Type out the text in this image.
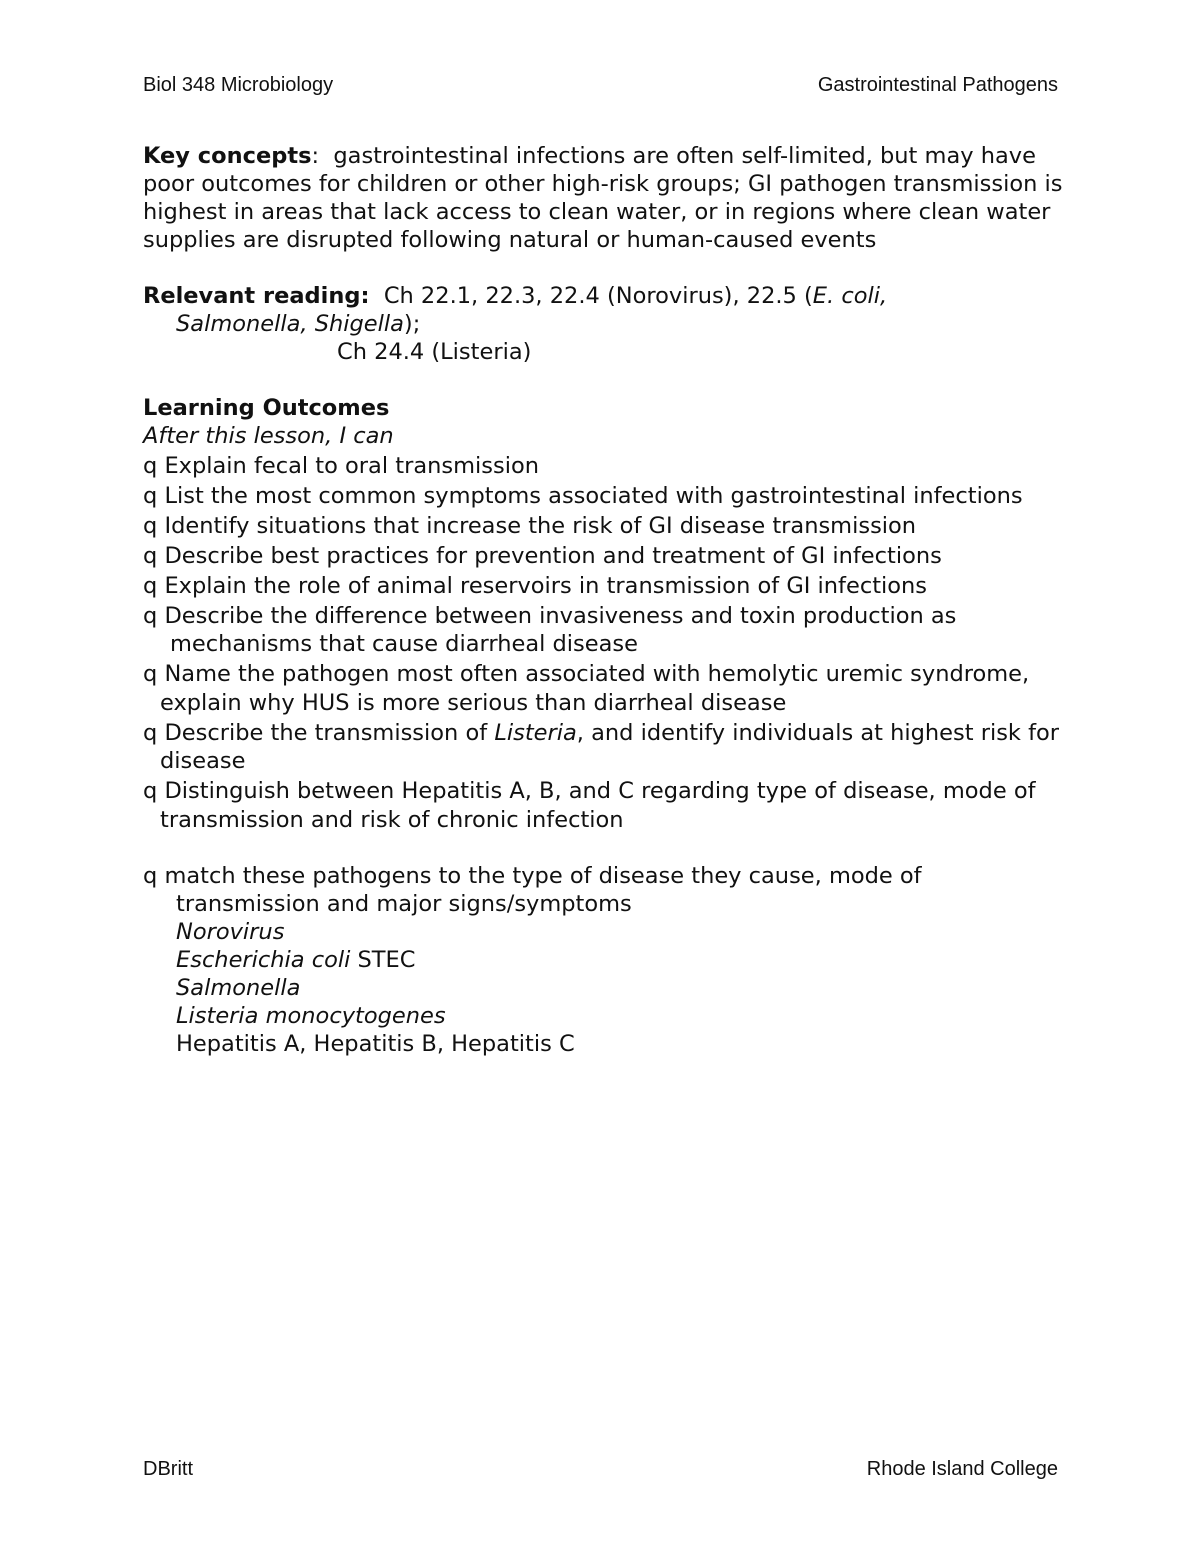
Biol 348 Microbiology	Gastrointestinal Pathogens

Key concepts: gastrointestinal infections are often self-limited, but may have poor outcomes for children or other high-risk groups; GI pathogen transmission is highest in areas that lack access to clean water, or in regions where clean water supplies are disrupted following natural or human-caused events

Relevant reading: Ch 22.1, 22.3, 22.4 (Norovirus), 22.5 (E. coli,
Salmonella, Shigella);
Ch 24.4 (Listeria)
Learning Outcomes
After this lesson, I can
q Explain fecal to oral transmission
q List the most common symptoms associated with gastrointestinal infections
q Identify situations that increase the risk of GI disease transmission
q Describe best practices for prevention and treatment of GI infections
q Explain the role of animal reservoirs in transmission of GI infections
q Describe the difference between invasiveness and toxin production as mechanisms that cause diarrheal disease
q Name the pathogen most often associated with hemolytic uremic syndrome, explain why HUS is more serious than diarrheal disease
q Describe the transmission of Listeria, and identify individuals at highest risk for disease
q Distinguish between Hepatitis A, B, and C regarding type of disease, mode of transmission and risk of chronic infection
q match these pathogens to the type of disease they cause, mode of
transmission and major signs/symptoms
Norovirus
Escherichia coli STEC
Salmonella
Listeria monocytogenes
Hepatitis A, Hepatitis B, Hepatitis C
DBritt	Rhode Island College
